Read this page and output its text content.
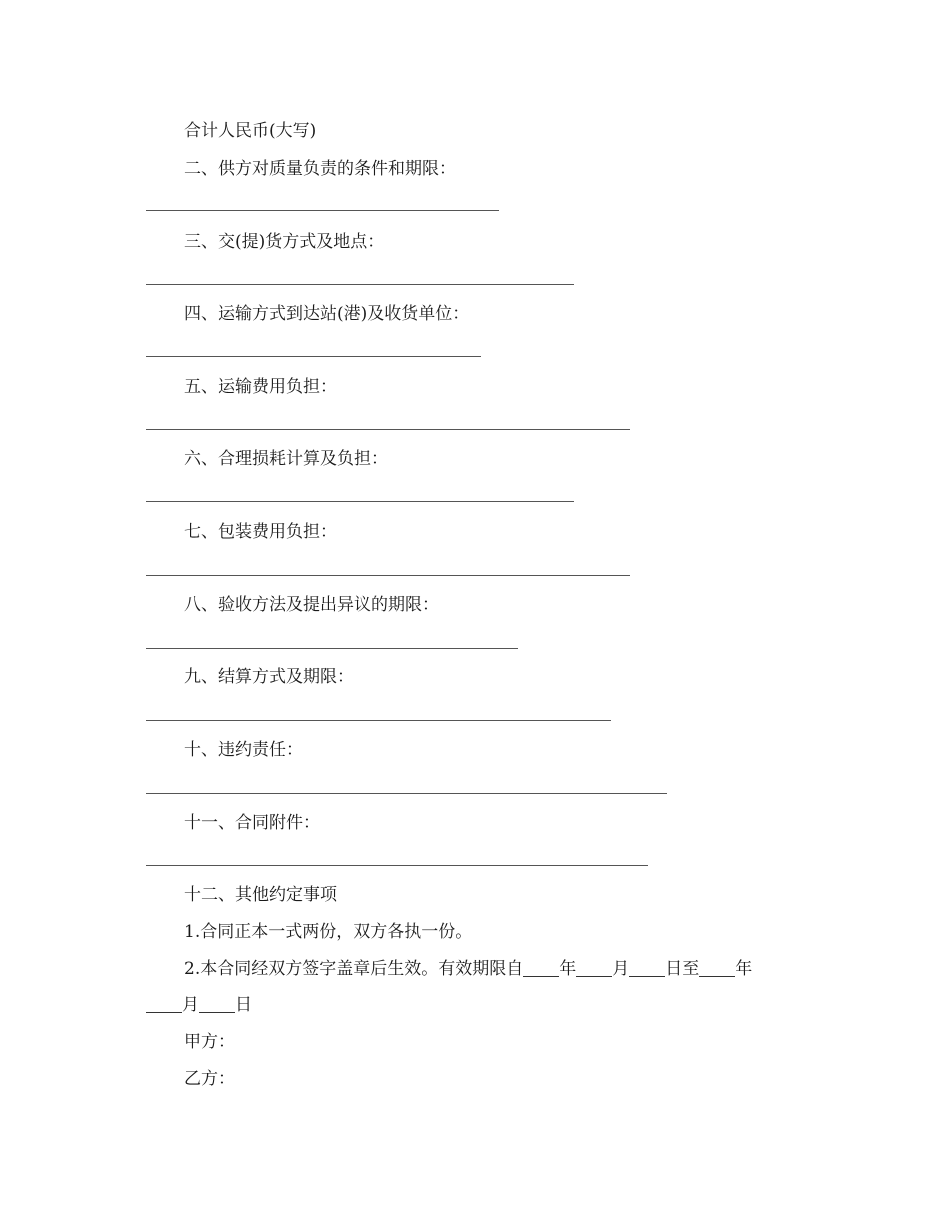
合计人民币(大写)
二、供方对质量负责的条件和期限：
三、交(提)货方式及地点：
四、运输方式到达站(港)及收货单位：
五、运输费用负担：
六、合理损耗计算及负担：
七、包装费用负担：
八、验收方法及提出异议的期限：
九、结算方式及期限：
十、违约责任：
十一、合同附件：
十二、其他约定事项
1.合同正本一式两份，双方各执一份。
2.本合同经双方签字盖章后生效。有效期限自 年 月 日至 年
月 日
甲方：
乙方：
